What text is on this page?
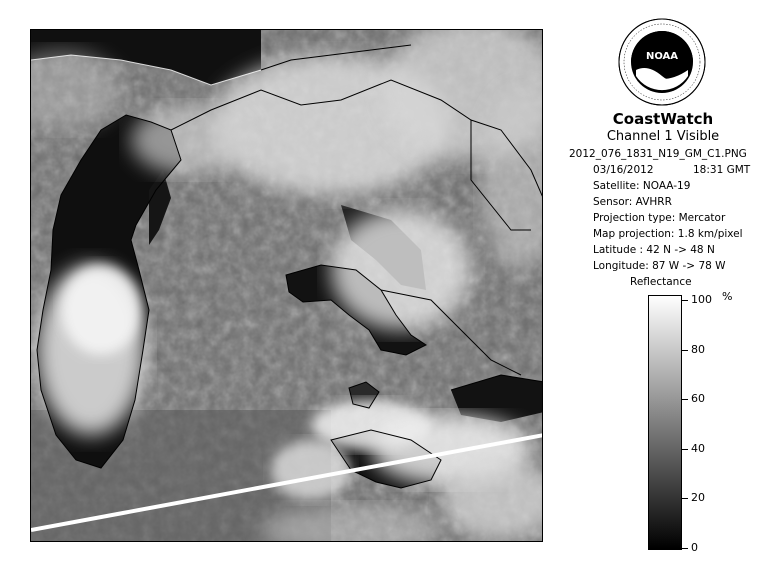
NOAA
CoastWatch
Channel 1 Visible
2012_076_1831_N19_GM_C1.PNG
03/16/2012	18:31 GMT
Satellite: NOAA-19
Sensor: AVHRR
Projection type: Mercator
Map projection: 1.8 km/pixel
Latitude : 42 N -> 48 N
Longitude: 87 W -> 78 W
Reflectance
%
100
80
60
40
20
0
